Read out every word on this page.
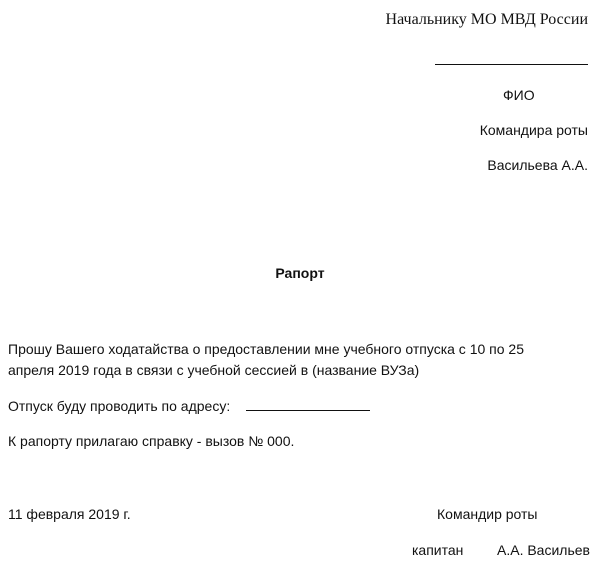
Начальнику МО МВД России
ФИО
Командира роты
Васильева А.А.
Рапорт
Прошу Вашего ходатайства о предоставлении мне учебного отпуска с 10 по 25
апреля 2019 года в связи с учебной сессией в (название ВУЗа)
Отпуск буду проводить по адресу:
К рапорту прилагаю справку - вызов № 000.
11 февраля 2019 г.	Командир роты
капитан А.А. Васильев
